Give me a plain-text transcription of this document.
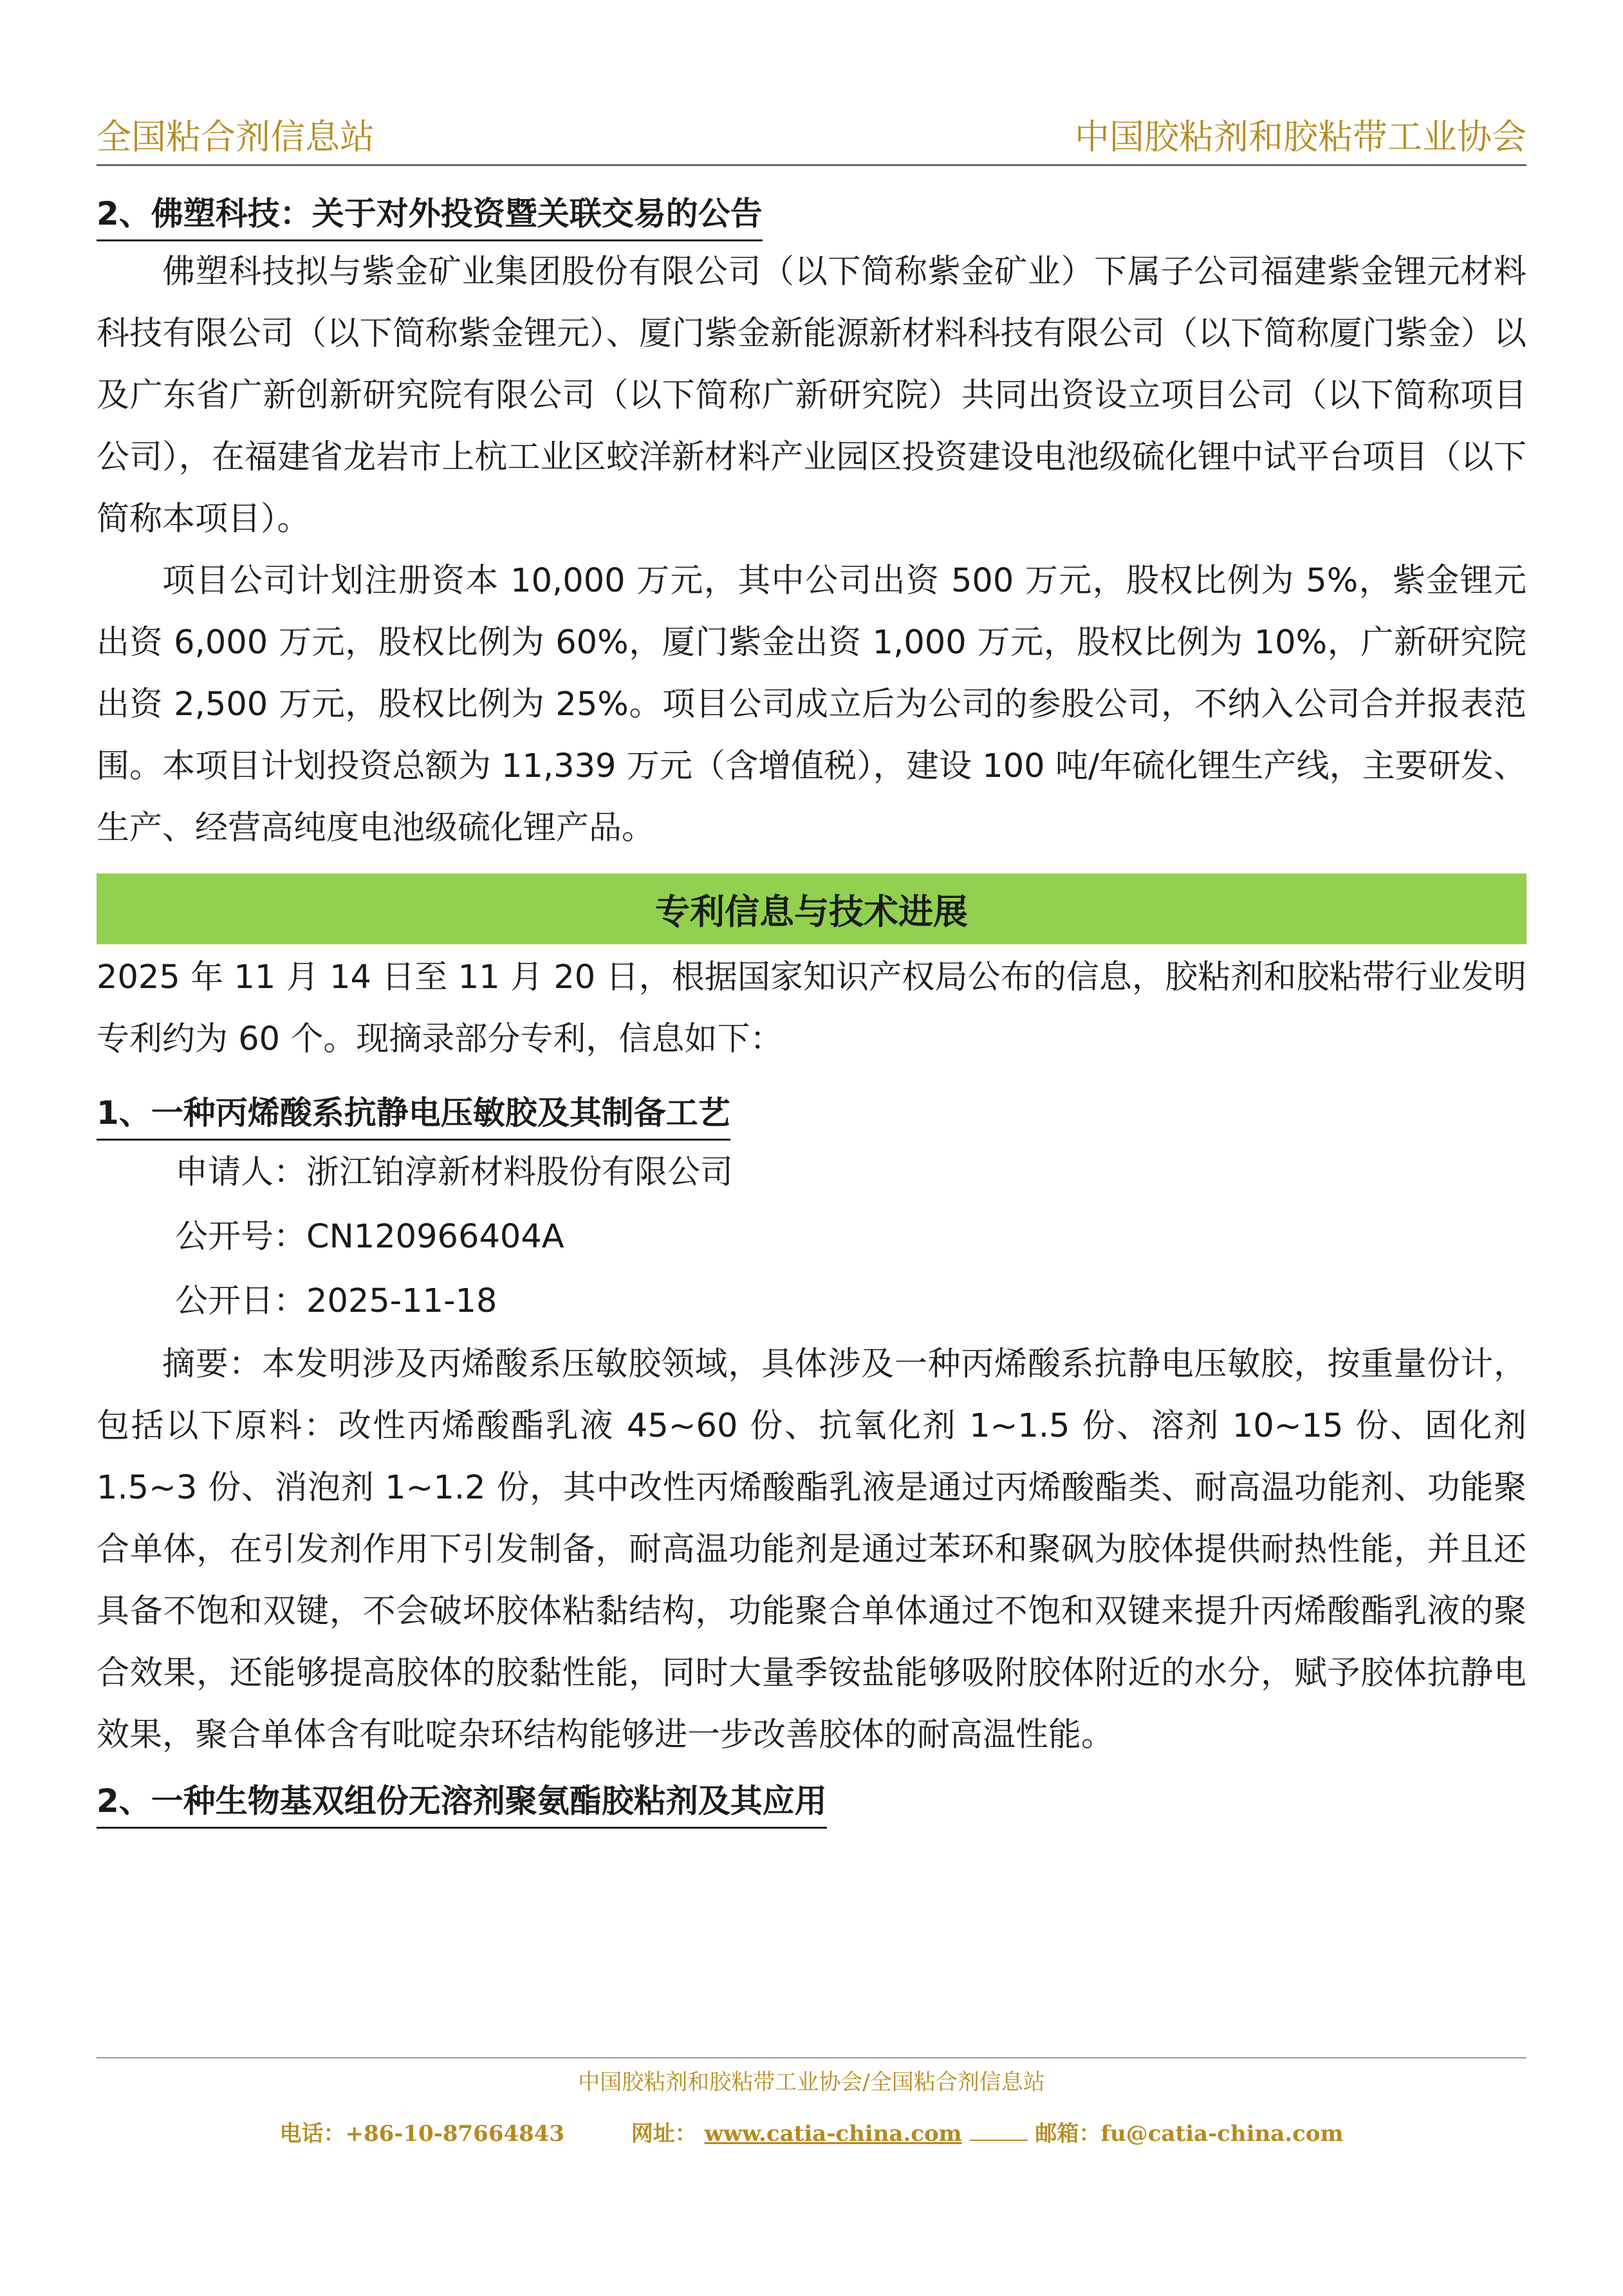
全国粘合剂信息站	中国胶粘剂和胶粘带工业协会
2、佛塑科技：关于对外投资暨关联交易的公告

佛塑科技拟与紫金矿业集团股份有限公司（以下简称紫金矿业）下属子公司福建紫金锂元材料科技有限公司（以下简称紫金锂元）、厦门紫金新能源新材料科技有限公司（以下简称厦门紫金）以及广东省广新创新研究院有限公司（以下简称广新研究院）共同出资设立项目公司（以下简称项目公司），在福建省龙岩市上杭工业区蛟洋新材料产业园区投资建设电池级硫化锂中试平台项目（以下简称本项目）。

项目公司计划注册资本 10,000 万元，其中公司出资 500 万元，股权比例为 5%，紫金锂元出资 6,000 万元，股权比例为 60%，厦门紫金出资 1,000 万元，股权比例为 10%，广新研究院出资 2,500 万元，股权比例为 25%。项目公司成立后为公司的参股公司，不纳入公司合并报表范围。本项目计划投资总额为 11,339 万元（含增值税），建设 100 吨/年硫化锂生产线，主要研发、生产、经营高纯度电池级硫化锂产品。

专利信息与技术进展

2025 年 11 月 14 日至 11 月 20 日，根据国家知识产权局公布的信息，胶粘剂和胶粘带行业发明专利约为 60 个。现摘录部分专利，信息如下：

1、一种丙烯酸系抗静电压敏胶及其制备工艺

申请人：浙江铂淳新材料股份有限公司

公开号：CN120966404A

公开日：2025-11-18

摘要：本发明涉及丙烯酸系压敏胶领域，具体涉及一种丙烯酸系抗静电压敏胶，按重量份计，包括以下原料：改性丙烯酸酯乳液 45~60 份、抗氧化剂 1~1.5 份、溶剂 10~15 份、固化剂 1.5~3 份、消泡剂 1~1.2 份，其中改性丙烯酸酯乳液是通过丙烯酸酯类、耐高温功能剂、功能聚合单体，在引发剂作用下引发制备，耐高温功能剂是通过苯环和聚砜为胶体提供耐热性能，并且还具备不饱和双键，不会破坏胶体粘黏结构，功能聚合单体通过不饱和双键来提升丙烯酸酯乳液的聚合效果，还能够提高胶体的胶黏性能，同时大量季铵盐能够吸附胶体附近的水分，赋予胶体抗静电效果，聚合单体含有吡啶杂环结构能够进一步改善胶体的耐高温性能。

2、一种生物基双组份无溶剂聚氨酯胶粘剂及其应用
中国胶粘剂和胶粘带工业协会/全国粘合剂信息站
电话：+86-10-87664843	网址： www.catia-china.com	邮箱：fu@catia-china.com
